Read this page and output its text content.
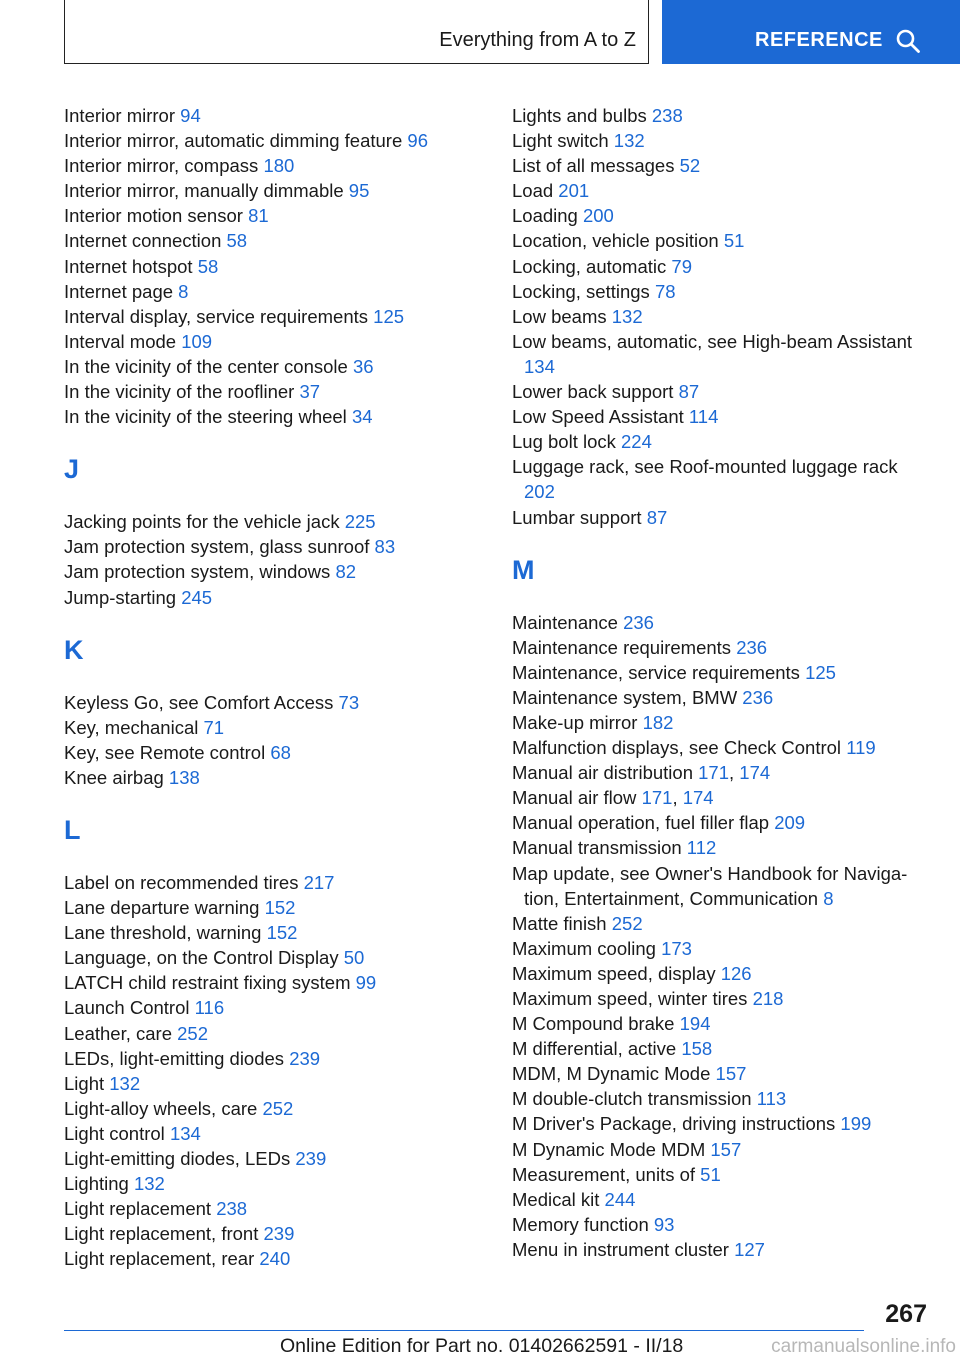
Everything from A to Z	REFERENCE
Interior mirror 94
Interior mirror, automatic dimming feature 96
Interior mirror, compass 180
Interior mirror, manually dimmable 95
Interior motion sensor 81
Internet connection 58
Internet hotspot 58
Internet page 8
Interval display, service requirements 125
Interval mode 109
In the vicinity of the center console 36
In the vicinity of the roofliner 37
In the vicinity of the steering wheel 34
J
Jacking points for the vehicle jack 225
Jam protection system, glass sunroof 83
Jam protection system, windows 82
Jump-starting 245
K
Keyless Go, see Comfort Access 73
Key, mechanical 71
Key, see Remote control 68
Knee airbag 138
L
Label on recommended tires 217
Lane departure warning 152
Lane threshold, warning 152
Language, on the Control Display 50
LATCH child restraint fixing system 99
Launch Control 116
Leather, care 252
LEDs, light-emitting diodes 239
Light 132
Light-alloy wheels, care 252
Light control 134
Light-emitting diodes, LEDs 239
Lighting 132
Light replacement 238
Light replacement, front 239
Light replacement, rear 240
Lights and bulbs 238
Light switch 132
List of all messages 52
Load 201
Loading 200
Location, vehicle position 51
Locking, automatic 79
Locking, settings 78
Low beams 132
Low beams, automatic, see High-beam Assistant 134
Lower back support 87
Low Speed Assistant 114
Lug bolt lock 224
Luggage rack, see Roof-mounted luggage rack 202
Lumbar support 87
M
Maintenance 236
Maintenance requirements 236
Maintenance, service requirements 125
Maintenance system, BMW 236
Make-up mirror 182
Malfunction displays, see Check Control 119
Manual air distribution 171, 174
Manual air flow 171, 174
Manual operation, fuel filler flap 209
Manual transmission 112
Map update, see Owner's Handbook for Navigation, Entertainment, Communication 8
Matte finish 252
Maximum cooling 173
Maximum speed, display 126
Maximum speed, winter tires 218
M Compound brake 194
M differential, active 158
MDM, M Dynamic Mode 157
M double-clutch transmission 113
M Driver's Package, driving instructions 199
M Dynamic Mode MDM 157
Measurement, units of 51
Medical kit 244
Memory function 93
Menu in instrument cluster 127
267
Online Edition for Part no. 01402662591 - II/18	carmanualsonline.info
